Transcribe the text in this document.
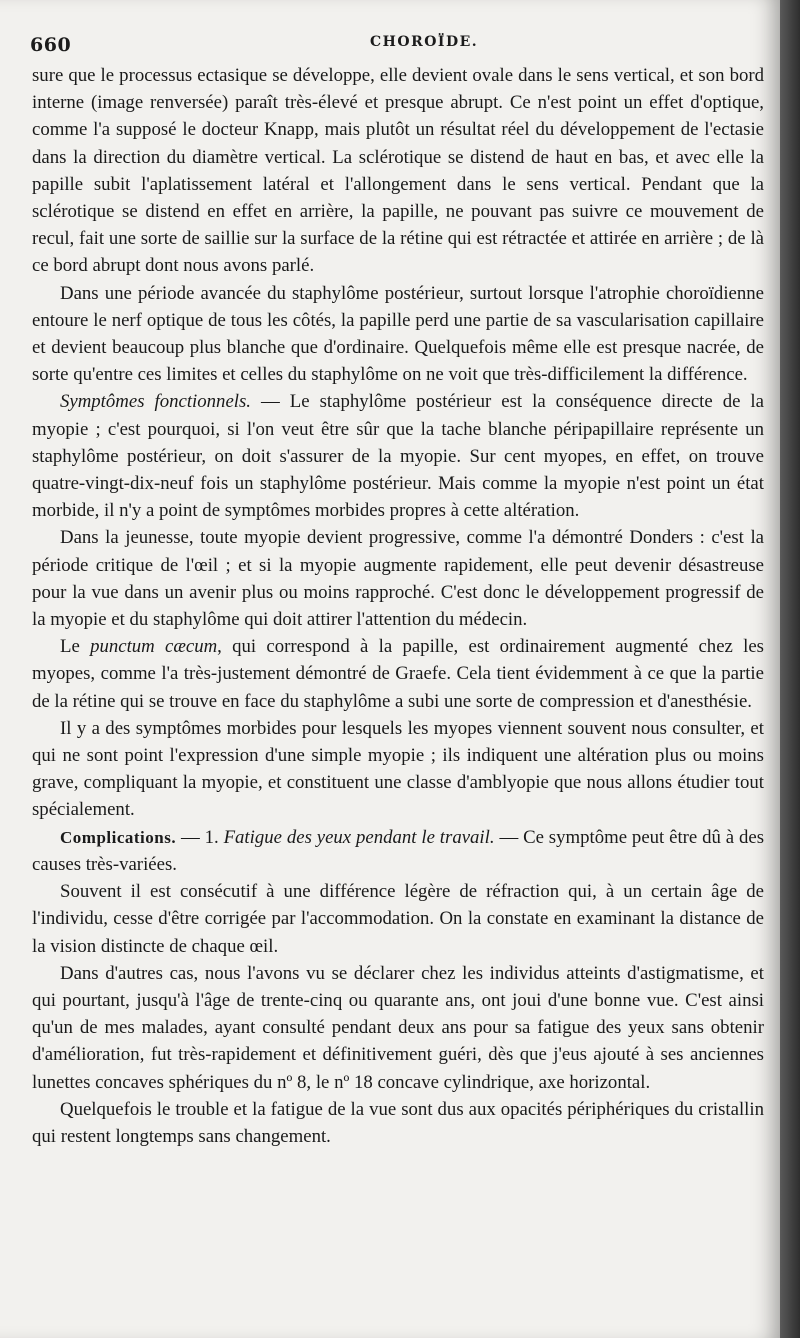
660	CHOROÏDE.

sure que le processus ectasique se développe, elle devient ovale dans le sens vertical, et son bord interne (image renversée) paraît très-élevé et presque abrupt. Ce n'est point un effet d'optique, comme l'a supposé le docteur Knapp, mais plutôt un résultat réel du développement de l'ectasie dans la direction du diamètre vertical. La sclérotique se distend de haut en bas, et avec elle la papille subit l'aplatissement latéral et l'allongement dans le sens vertical. Pendant que la sclérotique se distend en effet en arrière, la papille, ne pouvant pas suivre ce mouvement de recul, fait une sorte de saillie sur la surface de la rétine qui est rétractée et attirée en arrière ; de là ce bord abrupt dont nous avons parlé.

Dans une période avancée du staphylôme postérieur, surtout lorsque l'atrophie choroïdienne entoure le nerf optique de tous les côtés, la papille perd une partie de sa vascularisation capillaire et devient beaucoup plus blanche que d'ordinaire. Quelquefois même elle est presque nacrée, de sorte qu'entre ces limites et celles du staphylôme on ne voit que très-difficilement la différence.

Symptômes fonctionnels. — Le staphylôme postérieur est la conséquence directe de la myopie ; c'est pourquoi, si l'on veut être sûr que la tache blanche péripapillaire représente un staphylôme postérieur, on doit s'assurer de la myopie. Sur cent myopes, en effet, on trouve quatre-vingt-dix-neuf fois un staphylôme postérieur. Mais comme la myopie n'est point un état morbide, il n'y a point de symptômes morbides propres à cette altération.

Dans la jeunesse, toute myopie devient progressive, comme l'a démontré Donders : c'est la période critique de l'œil ; et si la myopie augmente rapidement, elle peut devenir désastreuse pour la vue dans un avenir plus ou moins rapproché. C'est donc le développement progressif de la myopie et du staphylôme qui doit attirer l'attention du médecin.

Le punctum cæcum, qui correspond à la papille, est ordinairement augmenté chez les myopes, comme l'a très-justement démontré de Graefe. Cela tient évidemment à ce que la partie de la rétine qui se trouve en face du staphylôme a subi une sorte de compression et d'anesthésie.

Il y a des symptômes morbides pour lesquels les myopes viennent souvent nous consulter, et qui ne sont point l'expression d'une simple myopie ; ils indiquent une altération plus ou moins grave, compliquant la myopie, et constituent une classe d'amblyopie que nous allons étudier tout spécialement.

Complications. — 1. Fatigue des yeux pendant le travail. — Ce symptôme peut être dû à des causes très-variées.

Souvent il est consécutif à une différence légère de réfraction qui, à un certain âge de l'individu, cesse d'être corrigée par l'accommodation. On la constate en examinant la distance de la vision distincte de chaque œil.

Dans d'autres cas, nous l'avons vu se déclarer chez les individus atteints d'astigmatisme, et qui pourtant, jusqu'à l'âge de trente-cinq ou quarante ans, ont joui d'une bonne vue. C'est ainsi qu'un de mes malades, ayant consulté pendant deux ans pour sa fatigue des yeux sans obtenir d'amélioration, fut très-rapidement et définitivement guéri, dès que j'eus ajouté à ses anciennes lunettes concaves sphériques du nº 8, le nº 18 concave cylindrique, axe horizontal.

Quelquefois le trouble et la fatigue de la vue sont dus aux opacités périphériques du cristallin qui restent longtemps sans changement.
